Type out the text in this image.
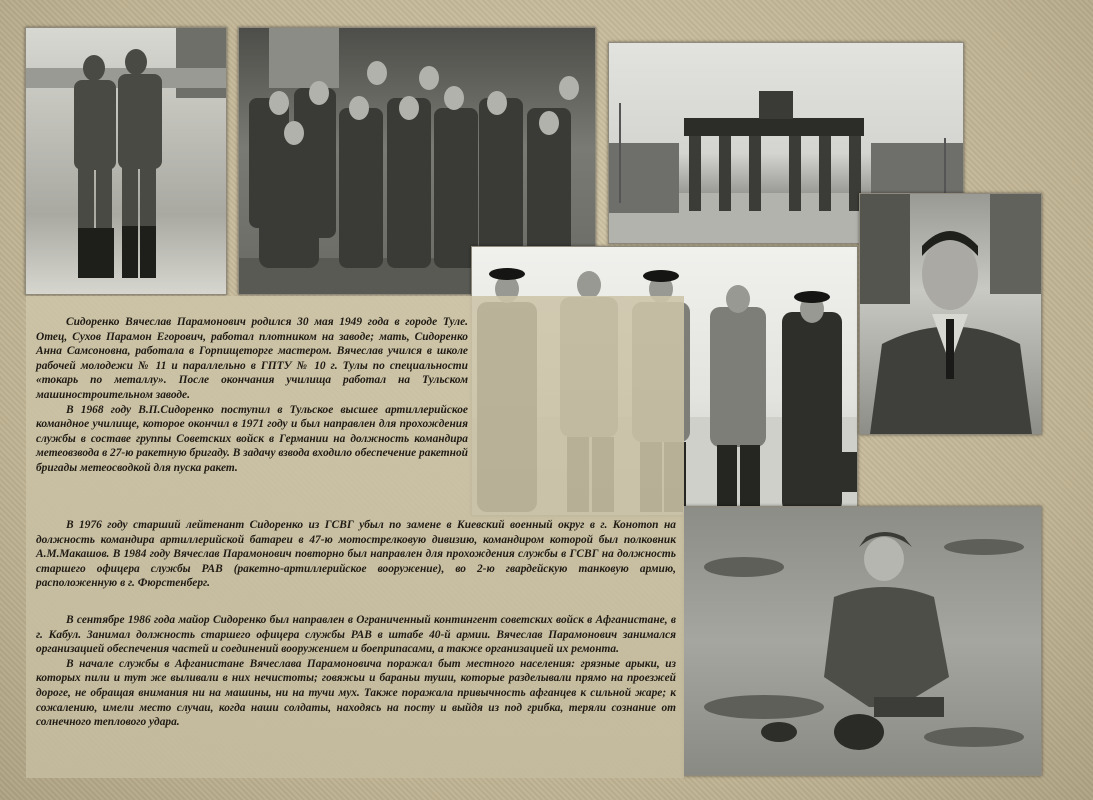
Сидоренко Вячеслав Парамонович родился 30 мая 1949 года в городе Туле. Отец, Сухов Парамон Егорович, работал плотником на заводе; мать, Сидоренко Анна Самсоновна, работала в Горпищеторге мастером. Вячеслав учился в школе рабочей молодежи № 11 и параллельно в ГПТУ № 10 г. Тулы по специальности «токарь по металлу». После окончания училища работал на Тульском машиностроительном заводе.

В 1968 году В.П.Сидоренко поступил в Тульское высшее артиллерийское командное училище, которое окончил в 1971 году и был направлен для прохождения службы в составе группы Советских войск в Германии на должность командира метеовзвода в 27-ю ракетную бригаду. В задачу взвода входило обеспечение ракетной бригады метеосводкой для пуска ракет.

В 1976 году старший лейтенант Сидоренко из ГСВГ убыл по замене в Киевский военный округ в г. Конотоп на должность командира артиллерийской батареи в 47-ю мотострелковую дивизию, командиром которой был полковник А.М.Макашов. В 1984 году Вячеслав Парамонович повторно был направлен для прохождения службы в ГСВГ на должность старшего офицера службы РАВ (ракетно-артиллерийское вооружение), во 2-ю гвардейскую танковую армию, расположенную в г. Фюрстенберг.

В сентябре 1986 года майор Сидоренко был направлен в Ограниченный контингент советских войск в Афганистане, в г. Кабул. Занимал должность старшего офицера службы РАВ в штабе 40-й армии. Вячеслав Парамонович занимался организацией обеспечения частей и соединений вооружением и боеприпасами, а также организацией их ремонта.

В начале службы в Афганистане Вячеслава Парамоновича поражал быт местного населения: грязные арыки, из которых пили и тут же выливали в них нечистоты; говяжьи и бараньи туши, которые разделывали прямо на проезжей дороге, не обращая внимания ни на машины, ни на тучи мух. Также поражала привычность афганцев к сильной жаре; к сожалению, имели место случаи, когда наши солдаты, находясь на посту и выйдя из под грибка, теряли сознание от солнечного теплового удара.
